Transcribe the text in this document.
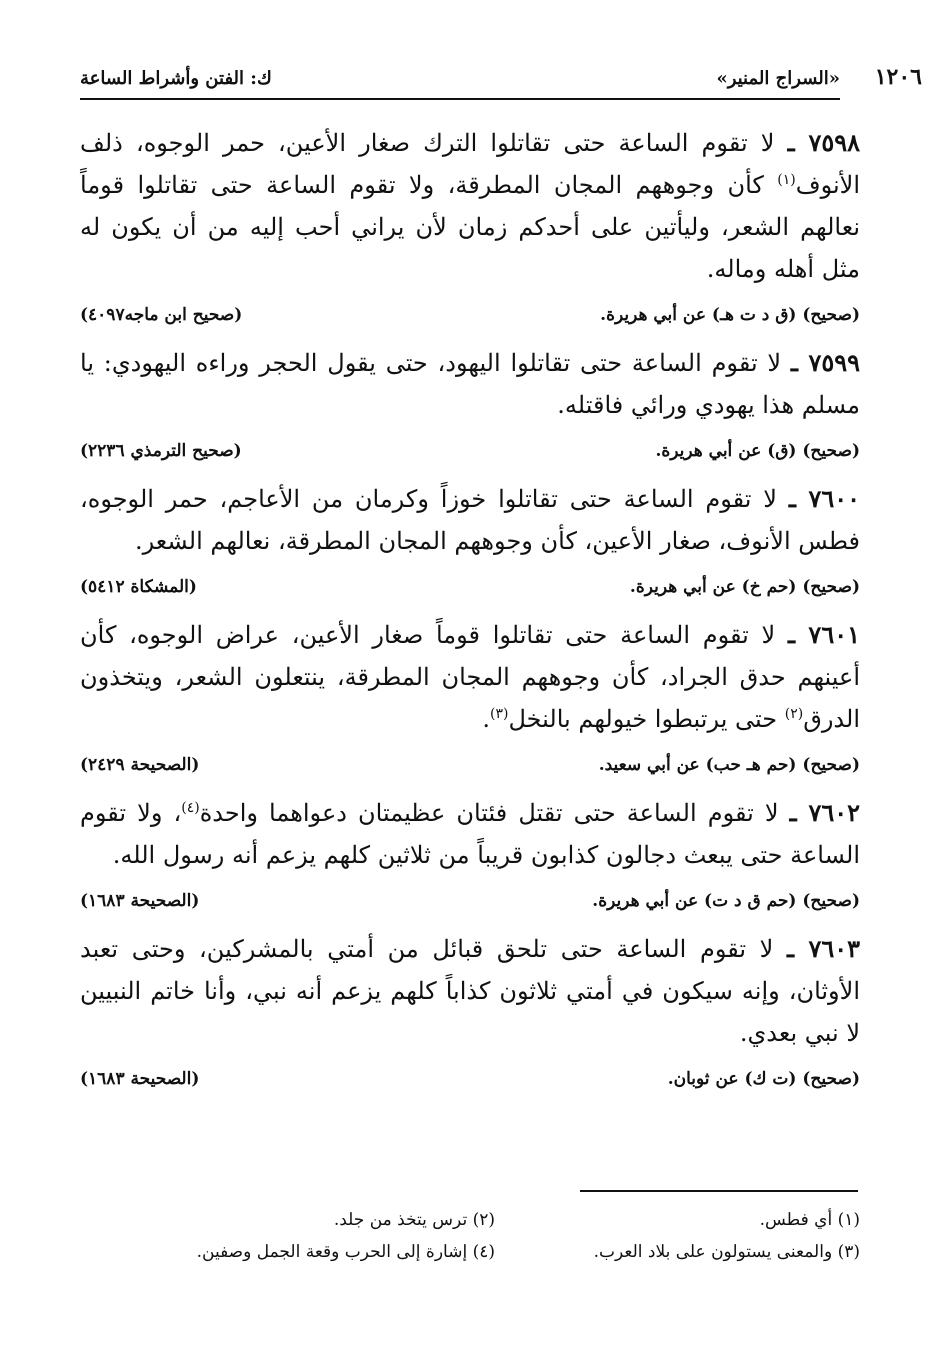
١٢٠٦
«السراج المنير»
ك: الفتن وأشراط الساعة

٧٥٩٨ ـ لا تقوم الساعة حتى تقاتلوا الترك صغار الأعين، حمر الوجوه، ذلف الأنوف$^{(١)}$ كأن وجوههم المجان المطرقة، ولا تقوم الساعة حتى تقاتلوا قوماً نعالهم الشعر، وليأتين على أحدكم زمان لأن يراني أحب إليه من أن يكون له مثل أهله وماله.

(صحيح) (ق د ت هـ) عن أبي هريرة.
(صحيح ابن ماجه٤٠٩٧)

٧٥٩٩ ـ لا تقوم الساعة حتى تقاتلوا اليهود، حتى يقول الحجر وراءه اليهودي: يا مسلم هذا يهودي ورائي فاقتله.

(صحيح) (ق) عن أبي هريرة.
(صحيح الترمذي ٢٢٣٦)

٧٦٠٠ ـ لا تقوم الساعة حتى تقاتلوا خوزاً وكرمان من الأعاجم، حمر الوجوه، فطس الأنوف، صغار الأعين، كأن وجوههم المجان المطرقة، نعالهم الشعر.

(صحيح) (حم خ) عن أبي هريرة.
(المشكاة ٥٤١٢)

٧٦٠١ ـ لا تقوم الساعة حتى تقاتلوا قوماً صغار الأعين، عراض الوجوه، كأن أعينهم حدق الجراد، كأن وجوههم المجان المطرقة، ينتعلون الشعر، ويتخذون الدرق$^{(٢)}$ حتى يرتبطوا خيولهم بالنخل$^{(٣)}$.

(صحيح) (حم هـ حب) عن أبي سعيد.
(الصحيحة ٢٤٢٩)

٧٦٠٢ ـ لا تقوم الساعة حتى تقتل فئتان عظيمتان دعواهما واحدة$^{(٤)}$، ولا تقوم الساعة حتى يبعث دجالون كذابون قريباً من ثلاثين كلهم يزعم أنه رسول الله.

(صحيح) (حم ق د ت) عن أبي هريرة.
(الصحيحة ١٦٨٣)

٧٦٠٣ ـ لا تقوم الساعة حتى تلحق قبائل من أمتي بالمشركين، وحتى تعبد الأوثان، وإنه سيكون في أمتي ثلاثون كذاباً كلهم يزعم أنه نبي، وأنا خاتم النبيين لا نبي بعدي.

(صحيح) (ت ك) عن ثوبان.
(الصحيحة ١٦٨٣)
(١) أي فطس.
(٢) ترس يتخذ من جلد.
(٣) والمعنى يستولون على بلاد العرب.
(٤) إشارة إلى الحرب وقعة الجمل وصفين.
